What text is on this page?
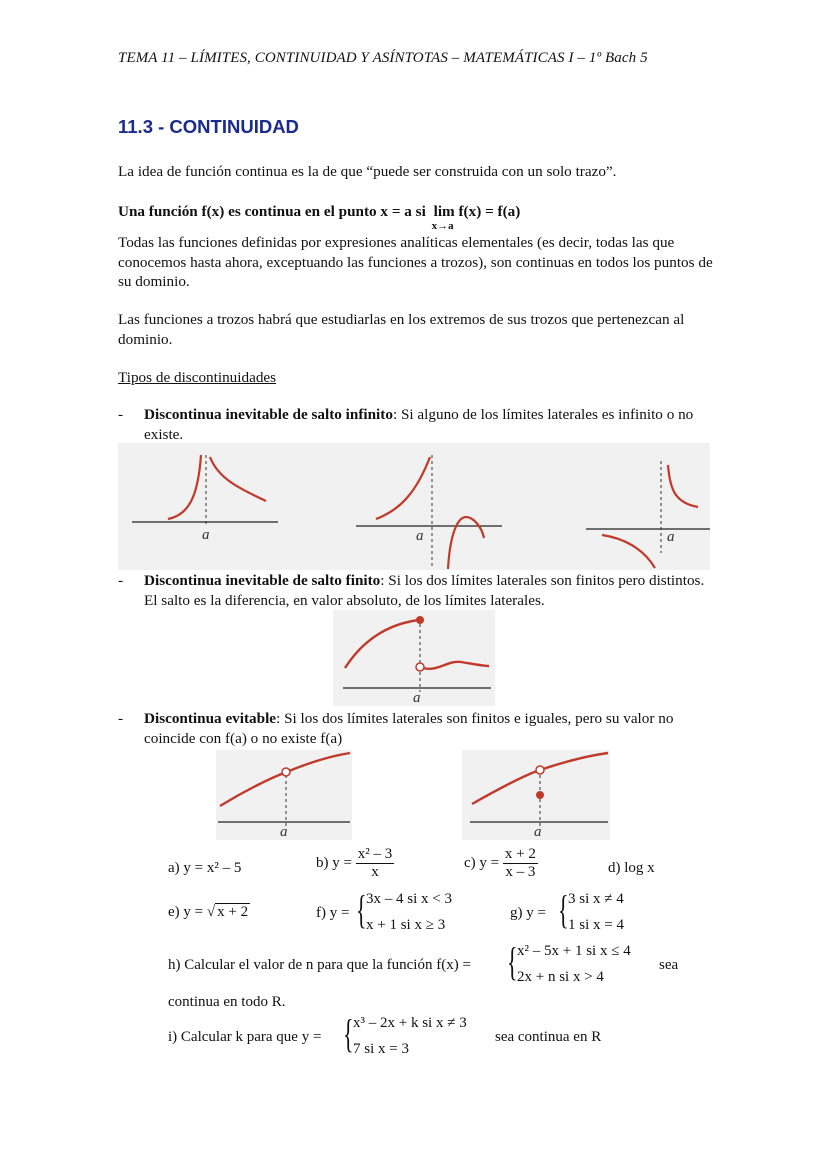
TEMA 11 – LÍMITES, CONTINUIDAD Y ASÍNTOTAS – MATEMÁTICAS I – 1º Bach 5
11.3 - CONTINUIDAD
La idea de función continua es la de que “puede ser construida con un solo trazo”.
Una función f(x) es continua en el punto x = a si lim
x→a
f(x) = f(a)
Todas las funciones definidas por expresiones analíticas elementales (es decir, todas las que conocemos hasta ahora, exceptuando las funciones a trozos), son continuas en todos los puntos de su dominio.
Las funciones a trozos habrá que estudiarlas en los extremos de sus trozos que pertenezcan al dominio.
Tipos de discontinuidades
- Discontinua inevitable de salto infinito: Si alguno de los límites laterales es infinito o no existe.
a	a	a
- Discontinua inevitable de salto finito: Si los dos límites laterales son finitos pero distintos. El salto es la diferencia, en valor absoluto, de los límites laterales.
a
- Discontinua evitable: Si los dos límites laterales son finitos e iguales, pero su valor no coincide con f(a) o no existe f(a)
a	a
a) y = x² – 5	b) $y = \frac{\text{x² – 3}}{x}$	c) $y = \frac{x + 2}{x - 3}$	d) log x
e) y = √ x + 2	f) y = { 3x – 4 si x < 3
x + 1 si x ≥ 3
g) y = { 3 si x ≠ 4
1 si x = 4
h) Calcular el valor de n para que la función f(x) = { x² – 5x + 1 si x ≤ 4
2x + n si x > 4
sea
continua en todo R.
i) Calcular k para que y = { x³ – 2x + k si x ≠ 3
7 si x = 3
sea continua en R
